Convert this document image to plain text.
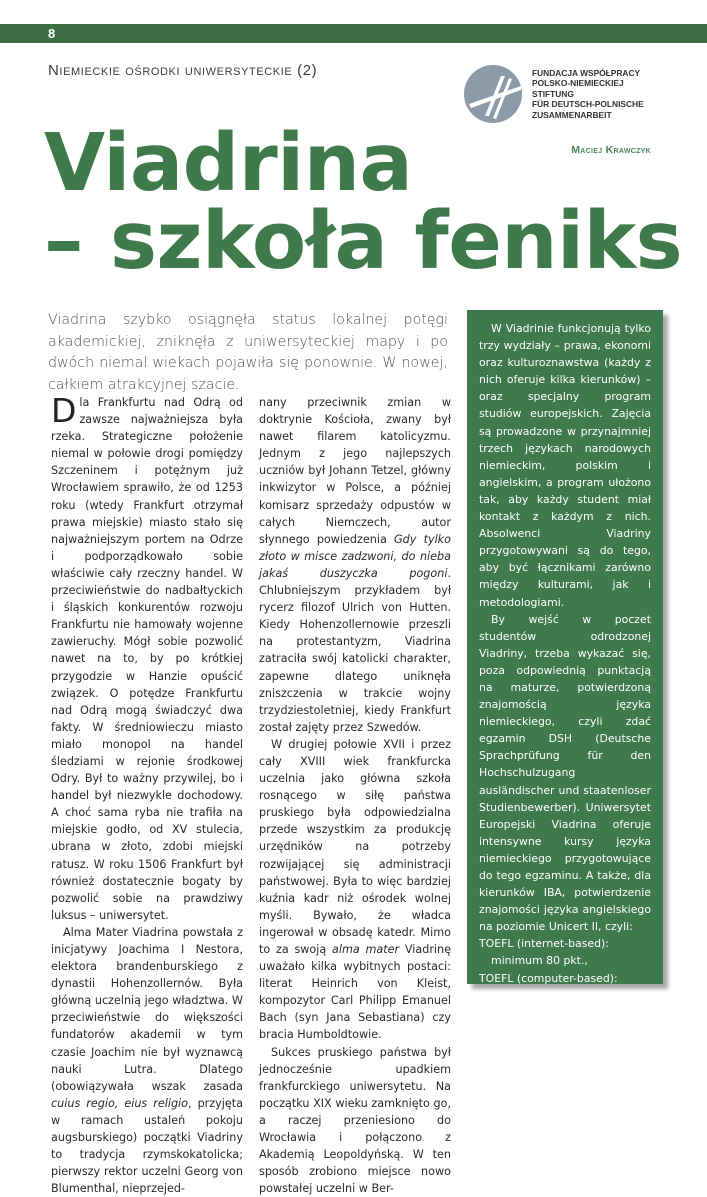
8
Niemieckie ośrodki uniwersyteckie (2)	FUNDACJA WSPÓŁPRACY
POLSKO-NIEMIECKIEJ
STIFTUNG
FÜR DEUTSCH-POLNISCHE
ZUSAMMENARBEIT
Maciej Krawczyk
Viadrina
– szkoła feniks
Viadrina szybko osiągnęła status lokalnej potęgi akademickiej, zniknęła z uniwersyteckiej mapy i po dwóch niemal wiekach pojawiła się ponownie. W nowej, całkiem atrakcyjnej szacie.

Dla Frankfurtu nad Odrą od zawsze najważniejsza była rzeka. Strategiczne położenie niemal w połowie drogi pomiędzy Szczeninem i potężnym już Wrocławiem sprawiło, że od 1253 roku (wtedy Frankfurt otrzymał prawa miejskie) miasto stało się najważniejszym portem na Odrze i podporządkowało sobie właściwie cały rzeczny handel. W przeciwieństwie do nadbałtyckich i śląskich konkurentów rozwoju Frankfurtu nie hamowały wojenne zawieruchy. Mógł sobie pozwolić nawet na to, by po krótkiej przygodzie w Hanzie opuścić związek. O potędze Frankfurtu nad Odrą mogą świadczyć dwa fakty. W średniowieczu miasto miało monopol na handel śledziami w rejonie środkowej Odry. Był to ważny przywilej, bo i handel był niezwykle dochodowy. A choć sama ryba nie trafiła na miejskie godło, od XV stulecia, ubrana w złoto, zdobi miejski ratusz. W roku 1506 Frankfurt był również dostatecznie bogaty by pozwolić sobie na prawdziwy luksus – uniwersytet.

Alma Mater Viadrina powstała z inicjatywy Joachima I Nestora, elektora brandenburskiego z dynastii Hohenzollernów. Była główną uczelnią jego władztwa. W przeciwieństwie do większości fundatorów akademii w tym czasie Joachim nie był wyznawcą nauki Lutra. Dlatego (obowiązywała wszak zasada cuius regio, eius religio, przyjęta w ramach ustaleń pokoju augsburskiego) początki Viadriny to tradycja rzymskokatolicka; pierwszy rektor uczelni Georg von Blumenthal, nieprzejed-

nany przeciwnik zmian w doktrynie Kościoła, zwany był nawet filarem katolicyzmu. Jednym z jego najlepszych uczniów był Johann Tetzel, główny inkwizytor w Polsce, a później komisarz sprzedaży odpustów w całych Niemczech, autor słynnego powiedzenia Gdy tylko złoto w misce zadzwoni, do nieba jakaś duszyczka pogoni. Chlubniejszym przykładem był rycerz filozof Ulrich von Hutten. Kiedy Hohenzollernowie przeszli na protestantyzm, Viadrina zatraciła swój katolicki charakter, zapewne dlatego uniknęła zniszczenia w trakcie wojny trzydziestoletniej, kiedy Frankfurt został zajęty przez Szwedów.

W drugiej połowie XVII i przez cały XVIII wiek frankfurcka uczelnia jako główna szkoła rosnącego w siłę państwa pruskiego była odpowiedzialna przede wszystkim za produkcję urzędników na potrzeby rozwijającej się administracji państwowej. Była to więc bardziej kuźnia kadr niż ośrodek wolnej myśli. Bywało, że władca ingerował w obsadę katedr. Mimo to za swoją alma mater Viadrinę uważało kilka wybitnych postaci: literat Heinrich von Kleist, kompozytor Carl Philipp Emanuel Bach (syn Jana Sebastiana) czy bracia Humboldtowie.

Sukces pruskiego państwa był jednocześnie upadkiem frankfurckiego uniwersytetu. Na początku XIX wieku zamknięto go, a raczej przeniesiono do Wrocławia i połączono z Akademią Leopoldyńską. W ten sposób zrobiono miejsce nowo powstałej uczelni w Ber-

W Viadrinie funkcjonują tylko trzy wydziały – prawa, ekonomi oraz kulturoznawstwa (każdy z nich oferuje kilka kierunków) – oraz specjalny program studiów europejskich. Zajęcia są prowadzone w przynajmniej trzech językach narodowych niemieckim, polskim i angielskim, a program ułożono tak, aby każdy student miał kontakt z każdym z nich. Absolwenci Viadriny przygotowywani są do tego, aby być łącznikami zarówno między kulturami, jak i metodologiami.

By wejść w poczet studentów odrodzonej Viadriny, trzeba wykazać się, poza odpowiednią punktacją na maturze, potwierdzoną znajomością języka niemieckiego, czyli zdać egzamin DSH (Deutsche Sprachprüfung für den Hochschulzugang ausländischer und staatenloser Studienbewerber). Uniwersytet Europejski Viadrina oferuje intensywne kursy języka niemieckiego przygotowujące do tego egzaminu. A także, dla kierunków IBA, potwierdzenie znajomości języka angielskiego na poziomie Unicert II, czyli:

TOEFL (internet-based):

minimum 80 pkt.,

TOEFL (computer-based):

minimum 213 pkt.,

TOEFL (paper-based):

minimum 550 pkt.,

IELTS: minimum 6.5

(Academic only),

Cambridge Advanced: minimum A,

Cambridge Proficiency: minimum C.

Elsa: minimum 383 pkt.
